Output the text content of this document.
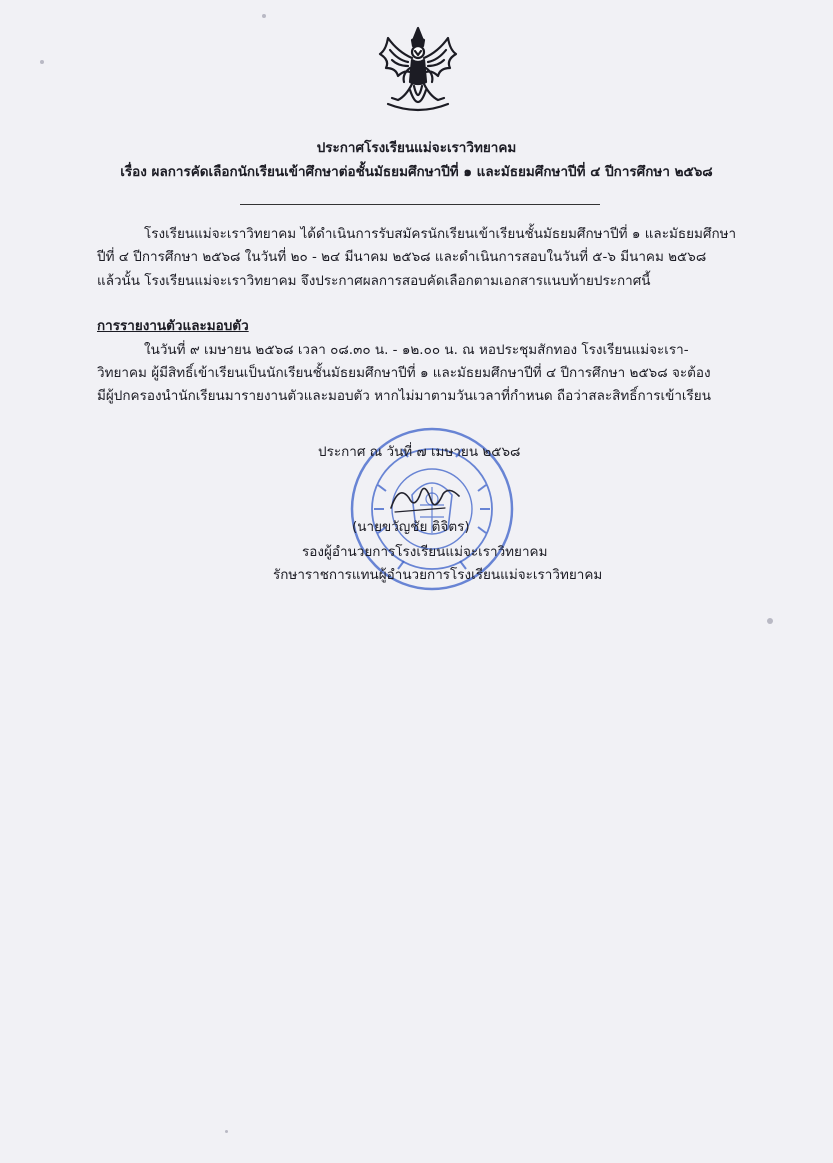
ประกาศโรงเรียนแม่จะเราวิทยาคม
เรื่อง ผลการคัดเลือกนักเรียนเข้าศึกษาต่อชั้นมัธยมศึกษาปีที่ ๑ และมัธยมศึกษาปีที่ ๔ ปีการศึกษา ๒๕๖๘
โรงเรียนแม่จะเราวิทยาคม ได้ดำเนินการรับสมัครนักเรียนเข้าเรียนชั้นมัธยมศึกษาปีที่ ๑ และมัธยมศึกษา
ปีที่ ๔ ปีการศึกษา ๒๕๖๘ ในวันที่ ๒๐ - ๒๔ มีนาคม ๒๕๖๘ และดำเนินการสอบในวันที่ ๕-๖ มีนาคม ๒๕๖๘
แล้วนั้น โรงเรียนแม่จะเราวิทยาคม จึงประกาศผลการสอบคัดเลือกตามเอกสารแนบท้ายประกาศนี้
การรายงานตัวและมอบตัว
ในวันที่ ๙ เมษายน ๒๕๖๘ เวลา ๐๘.๓๐ น. - ๑๒.๐๐ น. ณ หอประชุมสักทอง โรงเรียนแม่จะเรา-
วิทยาคม ผู้มีสิทธิ์เข้าเรียนเป็นนักเรียนชั้นมัธยมศึกษาปีที่ ๑ และมัธยมศึกษาปีที่ ๔ ปีการศึกษา ๒๕๖๘ จะต้อง
มีผู้ปกครองนำนักเรียนมารายงานตัวและมอบตัว หากไม่มาตามวันเวลาที่กำหนด ถือว่าสละสิทธิ์การเข้าเรียน
ประกาศ ณ วันที่ ๗ เมษายน ๒๕๖๘
(นายขวัญชัย ติจิตร)
รองผู้อำนวยการโรงเรียนแม่จะเราวิทยาคม
รักษาราชการแทนผู้อำนวยการโรงเรียนแม่จะเราวิทยาคม
